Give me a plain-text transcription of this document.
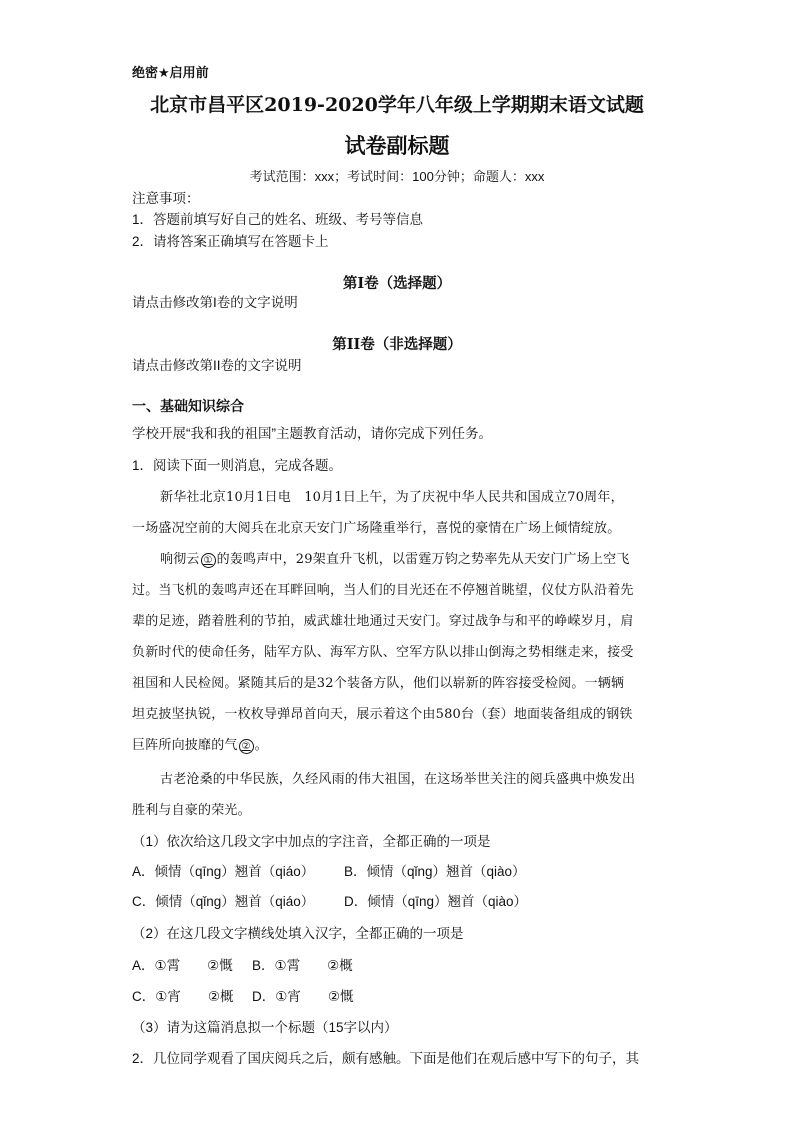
绝密★启用前
北京市昌平区2019-2020学年八年级上学期期末语文试题
试卷副标题
考试范围：xxx；考试时间：100分钟；命题人：xxx
注意事项：
1．答题前填写好自己的姓名、班级、考号等信息
2．请将答案正确填写在答题卡上
第I卷（选择题）
请点击修改第I卷的文字说明
第II卷（非选择题）
请点击修改第II卷的文字说明
一、基础知识综合
学校开展“我和我的祖国”主题教育活动，请你完成下列任务。
1．阅读下面一则消息，完成各题。
新华社北京10月1日电　10月1日上午，为了庆祝中华人民共和国成立70周年，
一场盛况空前的大阅兵在北京天安门广场隆重举行，喜悦的豪情在广场上倾情绽放。
响彻云 ① 的轰鸣声中，29架直升飞机，以雷霆万钧之势率先从天安门广场上空飞
过。当飞机的轰鸣声还在耳畔回响，当人们的目光还在不停翘首眺望，仪仗方队沿着先
辈的足迹，踏着胜利的节拍，威武雄壮地通过天安门。穿过战争与和平的峥嵘岁月，肩
负新时代的使命任务，陆军方队、海军方队、空军方队以排山倒海之势相继走来，接受
祖国和人民检阅。紧随其后的是32个装备方队，他们以崭新的阵容接受检阅。一辆辆
坦克披坚执锐，一枚枚导弹昂首向天，展示着这个由580台（套）地面装备组成的钢铁
巨阵所向披靡的气 ② 。
古老沧桑的中华民族，久经风雨的伟大祖国，在这场举世关注的阅兵盛典中焕发出
胜利与自豪的荣光。
（1）依次给这几段文字中加点的字注音，全都正确的一项是
A．倾情（qīng）翘首（qiáo） B．倾情（qǐng）翘首（qiào）
C．倾情（qǐng）翘首（qiáo） D．倾情（qīng）翘首（qiào）
（2）在这几段文字横线处填入汉字，全都正确的一项是
A．①霄　　②慨 B．①霄　　②概
C．①宵　　②概 D．①宵　　②慨
（3）请为这篇消息拟一个标题（15字以内）
2．几位同学观看了国庆阅兵之后，颇有感触。下面是他们在观后感中写下的句子，其
